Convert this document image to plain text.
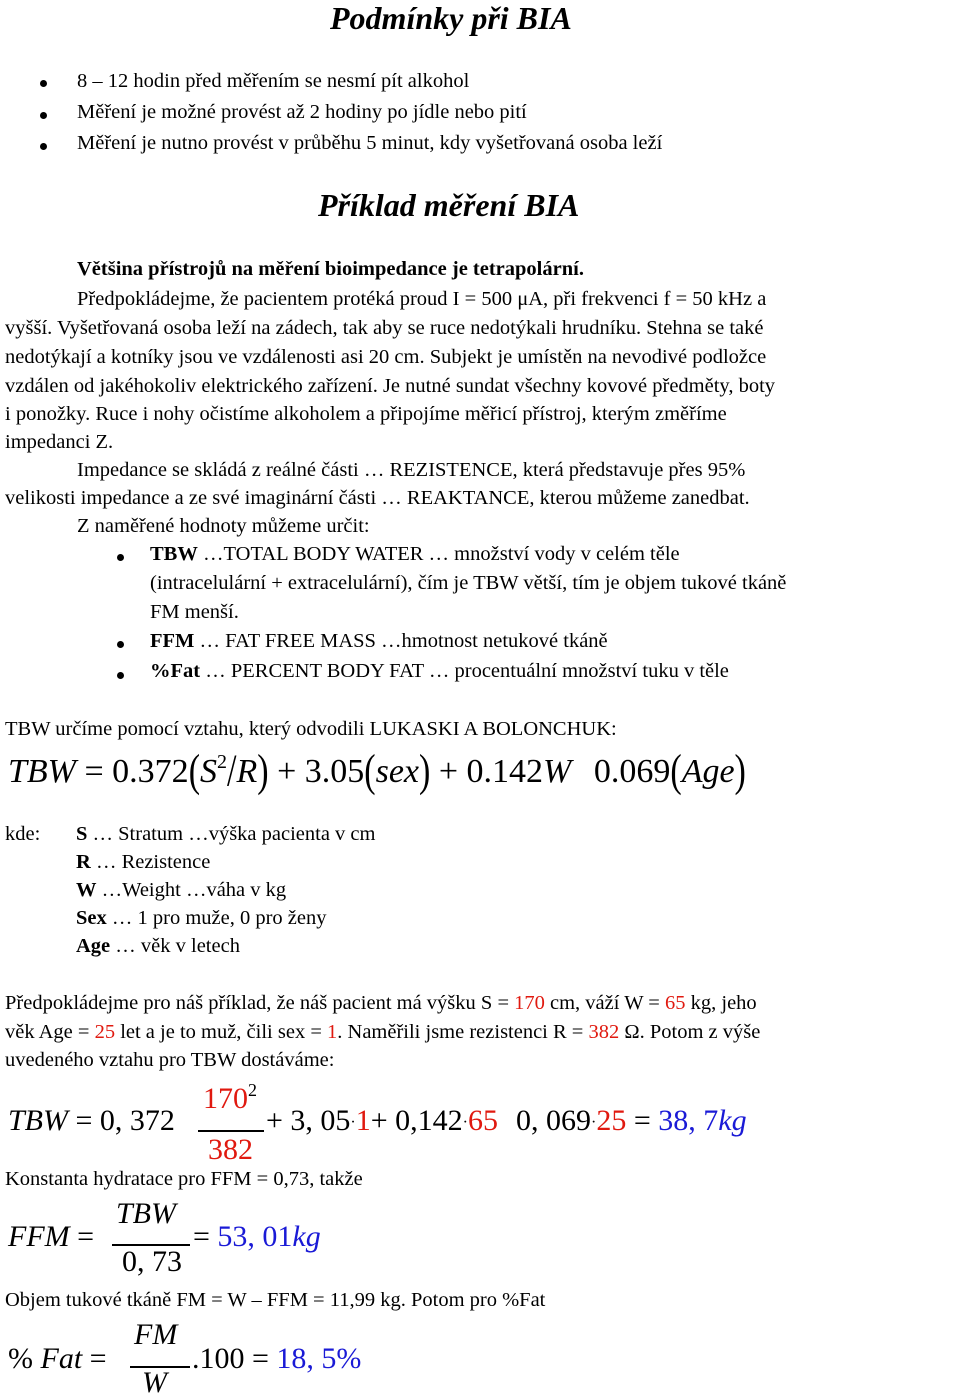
Podmínky při BIA
8 – 12 hodin před měřením se nesmí pít alkohol
Měření je možné provést až 2 hodiny po jídle nebo pití
Měření je nutno provést v průběhu 5 minut, kdy vyšetřovaná osoba leží
Příklad měření BIA
Většina přístrojů na měření bioimpedance je tetrapolární.
Předpokládejme, že pacientem protéká proud I = 500 μA, při frekvenci f = 50 kHz a
vyšší. Vyšetřovaná osoba leží na zádech, tak aby se ruce nedotýkali hrudníku. Stehna se také
nedotýkají a kotníky jsou ve vzdálenosti asi 20 cm. Subjekt je umístěn na nevodivé podložce
vzdálen od jakéhokoliv elektrického zařízení. Je nutné sundat všechny kovové předměty, boty
i ponožky. Ruce i nohy očistíme alkoholem a připojíme měřicí přístroj, kterým změříme
impedanci Z.
Impedance se skládá z reálné části … REZISTENCE, která představuje přes 95%
velikosti impedance a ze své imaginární části … REAKTANCE, kterou můžeme zanedbat.
Z naměřené hodnoty můžeme určit:
TBW …TOTAL BODY WATER … množství vody v celém těle
(intracelulární + extracelulární), čím je TBW větší, tím je objem tukové tkáně
FM menší.
FFM … FAT FREE MASS …hmotnost netukové tkáně
%Fat … PERCENT BODY FAT … procentuální množství tuku v těle
TBW určíme pomocí vztahu, který odvodili LUKASKI A BOLONCHUK:
TBW = $0.372(S^2/R) + 3.05(sex) + 0.142W$ 0.069(Age)
kde: S … Stratum …výška pacienta v cm
R … Rezistence
W …Weight …váha v kg
Sex … 1 pro muže, 0 pro ženy
Age … věk v letech
Předpokládejme pro náš příklad, že náš pacient má výšku S = 170 cm, váží W = 65 kg, jeho
věk Age = 25 let a je to muž, čili sex = 1. Naměřili jsme rezistenci R = 382 Ω. Potom z výše
uvedeného vztahu pro TBW dostáváme:
TBW = 0, 372
$170^2$
382
+ 3, 05·1+ 0,142·65 0, 069·25 = 38, 7kg
Konstanta hydratace pro FFM = 0,73, takže
FFM =
TBW
0, 73
= 53, 01kg
Objem tukové tkáně FM = W – FFM = 11,99 kg. Potom pro %Fat
% Fat =
FM
W
.100 = 18, 5%
